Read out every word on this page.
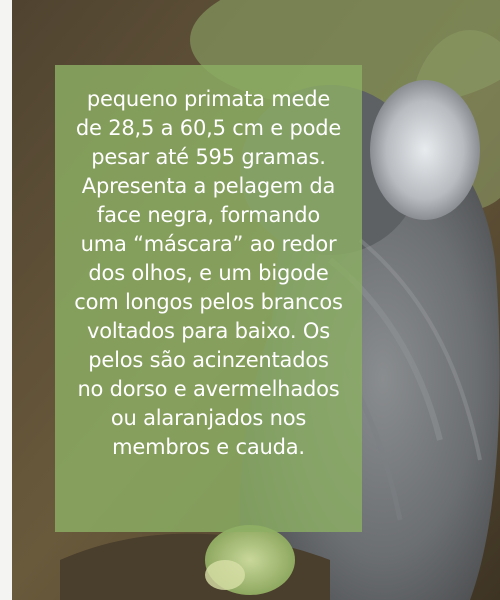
pequeno primata mede
de 28,5 a 60,5 cm e pode
pesar até 595 gramas.
Apresenta a pelagem da
face negra, formando
uma “máscara” ao redor
dos olhos, e um bigode
com longos pelos brancos
voltados para baixo. Os
pelos são acinzentados
no dorso e avermelhados
ou alaranjados nos
membros e cauda.
